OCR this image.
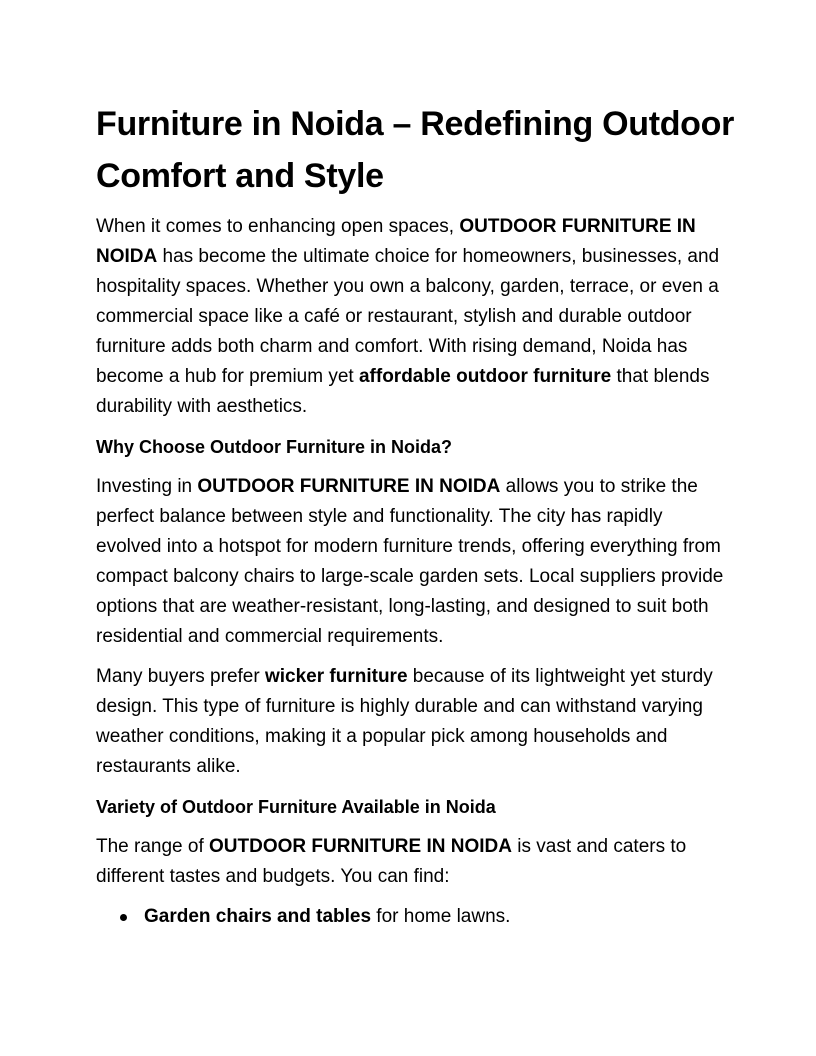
Furniture in Noida – Redefining Outdoor
Comfort and Style

When it comes to enhancing open spaces, OUTDOOR FURNITURE IN NOIDA has become the ultimate choice for homeowners, businesses, and hospitality spaces. Whether you own a balcony, garden, terrace, or even a commercial space like a café or restaurant, stylish and durable outdoor furniture adds both charm and comfort. With rising demand, Noida has become a hub for premium yet affordable outdoor furniture that blends durability with aesthetics.

Why Choose Outdoor Furniture in Noida?

Investing in OUTDOOR FURNITURE IN NOIDA allows you to strike the perfect balance between style and functionality. The city has rapidly evolved into a hotspot for modern furniture trends, offering everything from compact balcony chairs to large-scale garden sets. Local suppliers provide options that are weather-resistant, long-lasting, and designed to suit both residential and commercial requirements.

Many buyers prefer wicker furniture because of its lightweight yet sturdy design. This type of furniture is highly durable and can withstand varying weather conditions, making it a popular pick among households and restaurants alike.

Variety of Outdoor Furniture Available in Noida

The range of OUTDOOR FURNITURE IN NOIDA is vast and caters to different tastes and budgets. You can find:

Garden chairs and tables for home lawns.
